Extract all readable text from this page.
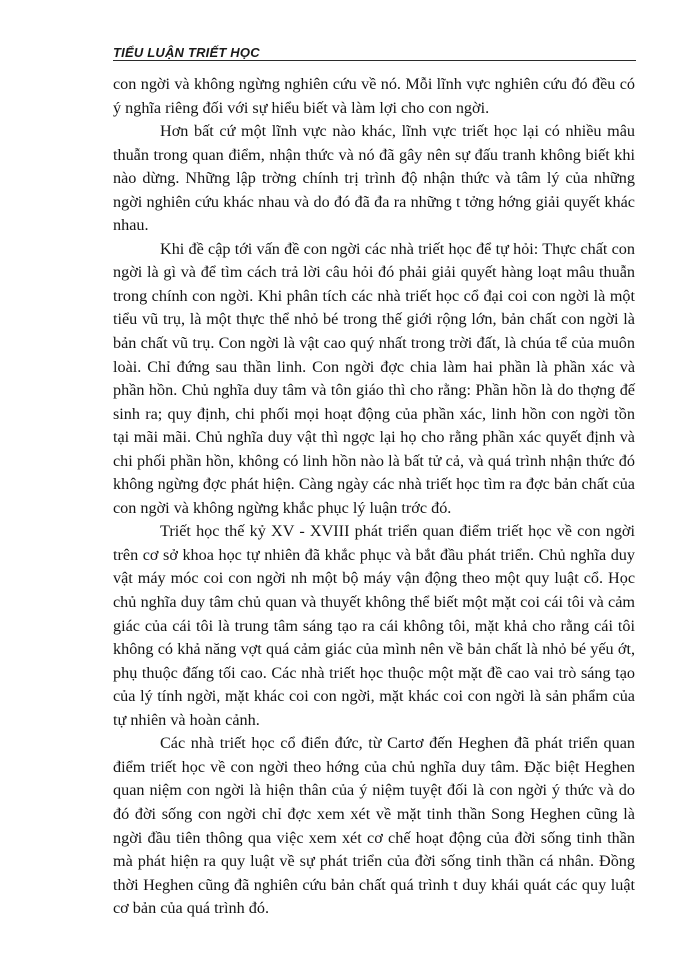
TIỂU LUẬN TRIẾT HỌC

con ngời và không ngừng nghiên cứu về nó. Mỗi lĩnh vực nghiên cứu đó đều có ý nghĩa riêng đối với sự hiểu biết và làm lợi cho con ngời.

Hơn bất cứ một lĩnh vực nào khác, lĩnh vực triết học lại có nhiều mâu thuẫn trong quan điểm, nhận thức và nó đã gây nên sự đấu tranh không biết khi nào dừng. Những lập trờng chính trị trình độ nhận thức và tâm lý của những ngời nghiên cứu khác nhau và do đó đã đa ra những t tởng hớng giải quyết khác nhau.

Khi đề cập tới vấn đề con ngời các nhà triết học để tự hỏi: Thực chất con ngời là gì và để tìm cách trả lời câu hỏi đó phải giải quyết hàng loạt mâu thuẫn trong chính con ngời. Khi phân tích các nhà triết học cổ đại coi con ngời là một tiểu vũ trụ, là một thực thể nhỏ bé trong thế giới rộng lớn, bản chất con ngời là bản chất vũ trụ. Con ngời là vật cao quý nhất trong trời đất, là chúa tể của muôn loài. Chỉ đứng sau thần linh. Con ngời đợc chia làm hai phần là phần xác và phần hồn. Chủ nghĩa duy tâm và tôn giáo thì cho rằng: Phần hồn là do thợng đế sinh ra; quy định, chi phối mọi hoạt động của phần xác, linh hồn con ngời tồn tại mãi mãi. Chủ nghĩa duy vật thì ngợc lại họ cho rằng phần xác quyết định và chi phối phần hồn, không có linh hồn nào là bất tử cả, và quá trình nhận thức đó không ngừng đợc phát hiện. Càng ngày các nhà triết học tìm ra đợc bản chất của con ngời và không ngừng khắc phục lý luận trớc đó.

Triết học thế kỷ XV - XVIII phát triển quan điểm triết học về con ngời trên cơ sở khoa học tự nhiên đã khắc phục và bắt đầu phát triển. Chủ nghĩa duy vật máy móc coi con ngời nh một bộ máy vận động theo một quy luật cổ. Học chủ nghĩa duy tâm chủ quan và thuyết không thể biết một mặt coi cái tôi và cảm giác của cái tôi là trung tâm sáng tạo ra cái không tôi, mặt khả cho rằng cái tôi không có khả năng vợt quá cảm giác của mình nên về bản chất là nhỏ bé yếu ớt, phụ thuộc đấng tối cao. Các nhà triết học thuộc một mặt đề cao vai trò sáng tạo của lý tính ngời, mặt khác coi con ngời, mặt khác coi con ngời là sản phẩm của tự nhiên và hoàn cảnh.

Các nhà triết học cổ điển đức, từ Cartơ đến Heghen đã phát triển quan điểm triết học về con ngời theo hớng của chủ nghĩa duy tâm. Đặc biệt Heghen quan niệm con ngời là hiện thân của ý niệm tuyệt đối là con ngời ý thức và do đó đời sống con ngời chỉ đợc xem xét về mặt tinh thần Song Heghen cũng là ngời đầu tiên thông qua việc xem xét cơ chế hoạt động của đời sống tinh thần mà phát hiện ra quy luật về sự phát triển của đời sống tinh thần cá nhân. Đồng thời Heghen cũng đã nghiên cứu bản chất quá trình t duy khái quát các quy luật cơ bản của quá trình đó.
